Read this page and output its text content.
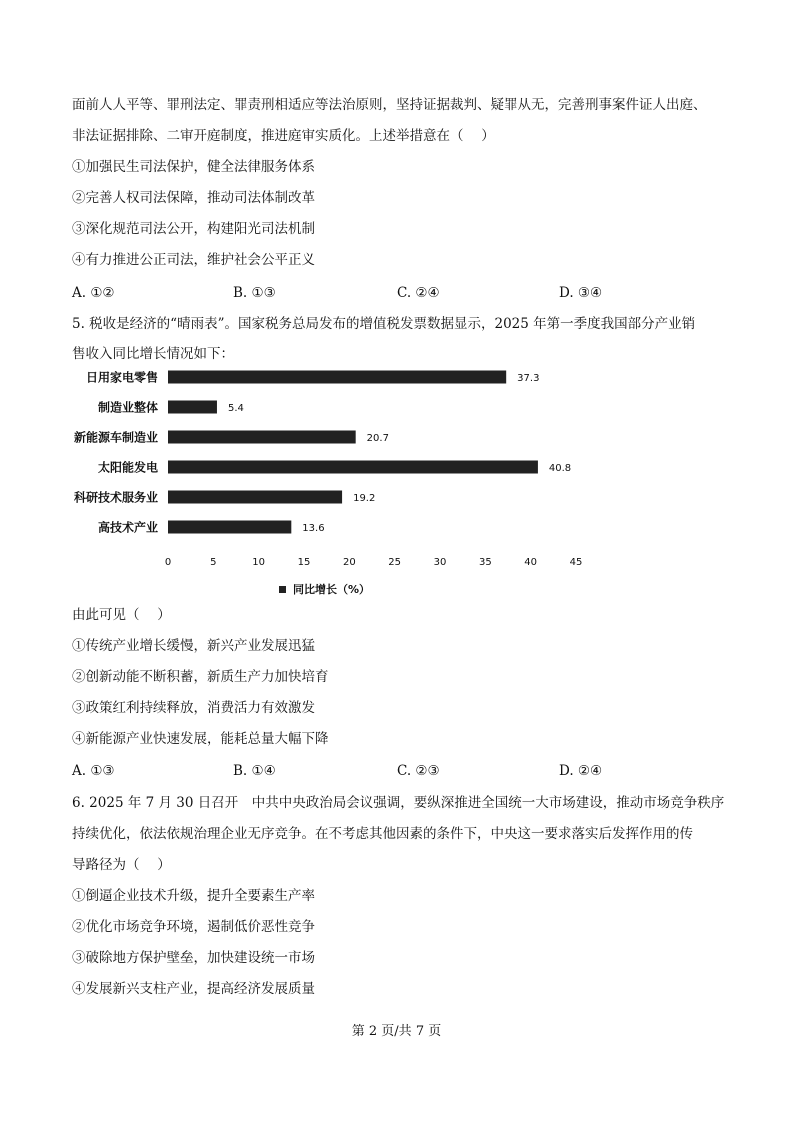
面前人人平等、罪刑法定、罪责刑相适应等法治原则，坚持证据裁判、疑罪从无，完善刑事案件证人出庭、
非法证据排除、二审开庭制度，推进庭审实质化。上述举措意在（　 ）
①加强民生司法保护，健全法律服务体系
②完善人权司法保障，推动司法体制改革
③深化规范司法公开，构建阳光司法机制
④有力推进公正司法，维护社会公平正义
A. ①②	B. ①③	C. ②④	D. ③④
5. 税收是经济的“晴雨表”。国家税务总局发布的增值税发票数据显示，2025 年第一季度我国部分产业销
售收入同比增长情况如下：
日用家电零售	37.3
制造业整体	5.4
新能源车制造业	20.7
太阳能发电	40.8
科研技术服务业	19.2
高技术产业	13.6
0	5	10	15	20	25	30	35	40	45
同比增长（%）
由此可见（　 ）
①传统产业增长缓慢，新兴产业发展迅猛
②创新动能不断积蓄，新质生产力加快培育
③政策红利持续释放，消费活力有效激发
④新能源产业快速发展，能耗总量大幅下降
A. ①③	B. ①④	C. ②③	D. ②④
6. 2025 年 7 月 30 日召开　中共中央政治局会议强调，要纵深推进全国统一大市场建设，推动市场竞争秩序
持续优化，依法依规治理企业无序竞争。在不考虑其他因素的条件下，中央这一要求落实后发挥作用的传
导路径为（　 ）
①倒逼企业技术升级，提升全要素生产率
②优化市场竞争环境，遏制低价恶性竞争
③破除地方保护壁垒，加快建设统一市场
④发展新兴支柱产业，提高经济发展质量
第 2 页/共 7 页
